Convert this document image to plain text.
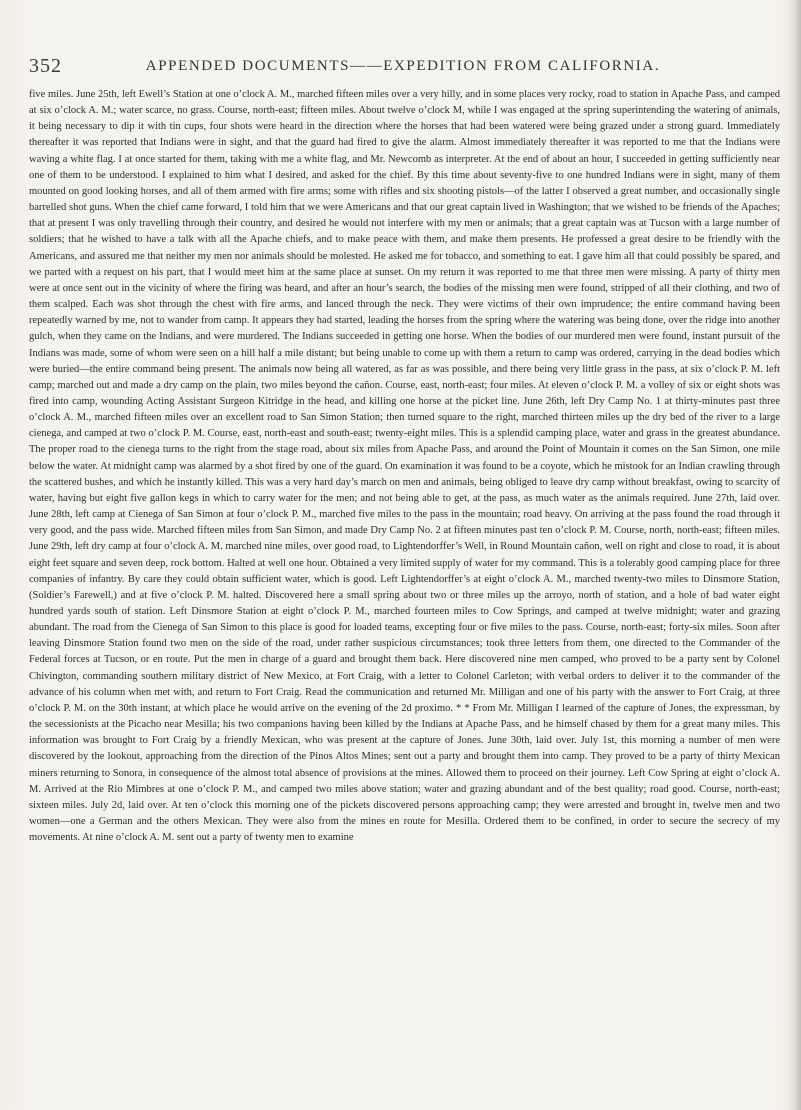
352	APPENDED DOCUMENTS——EXPEDITION FROM CALIFORNIA.

five miles. June 25th, left Ewell’s Station at one o’clock A. M., marched fifteen miles over a very hilly, and in some places very rocky, road to station in Apache Pass, and camped at six o’clock A. M.; water scarce, no grass. Course, north-east; fifteen miles. About twelve o’clock M, while I was engaged at the spring superintending the watering of animals, it being necessary to dip it with tin cups, four shots were heard in the direction where the horses that had been watered were being grazed under a strong guard. Immediately thereafter it was reported that Indians were in sight, and that the guard had fired to give the alarm. Almost immediately thereafter it was reported to me that the Indians were waving a white flag. I at once started for them, taking with me a white flag, and Mr. Newcomb as interpreter. At the end of about an hour, I succeeded in getting sufficiently near one of them to be understood. I explained to him what I desired, and asked for the chief. By this time about seventy-five to one hundred Indians were in sight, many of them mounted on good looking horses, and all of them armed with fire arms; some with rifles and six shooting pistols—of the latter I observed a great number, and occasionally single barrelled shot guns. When the chief came forward, I told him that we were Americans and that our great captain lived in Washington; that we wished to be friends of the Apaches; that at present I was only travelling through their country, and desired he would not interfere with my men or animals; that a great captain was at Tucson with a large number of soldiers; that he wished to have a talk with all the Apache chiefs, and to make peace with them, and make them presents. He professed a great desire to be friendly with the Americans, and assured me that neither my men nor animals should be molested. He asked me for tobacco, and something to eat. I gave him all that could possibly be spared, and we parted with a request on his part, that I would meet him at the same place at sunset. On my return it was reported to me that three men were missing. A party of thirty men were at once sent out in the vicinity of where the firing was heard, and after an hour’s search, the bodies of the missing men were found, stripped of all their clothing, and two of them scalped. Each was shot through the chest with fire arms, and lanced through the neck. They were victims of their own imprudence; the entire command having been repeatedly warned by me, not to wander from camp. It appears they had started, leading the horses from the spring where the watering was being done, over the ridge into another gulch, when they came on the Indians, and were murdered. The Indians succeeded in getting one horse. When the bodies of our murdered men were found, instant pursuit of the Indians was made, some of whom were seen on a hill half a mile distant; but being unable to come up with them a return to camp was ordered, carrying in the dead bodies which were buried—the entire command being present. The animals now being all watered, as far as was possible, and there being very little grass in the pass, at six o’clock P. M. left camp; marched out and made a dry camp on the plain, two miles beyond the cañon. Course, east, north-east; four miles. At eleven o’clock P. M. a volley of six or eight shots was fired into camp, wounding Acting Assistant Surgeon Kitridge in the head, and killing one horse at the picket line. June 26th, left Dry Camp No. 1 at thirty-minutes past three o’clock A. M., marched fifteen miles over an excellent road to San Simon Station; then turned square to the right, marched thirteen miles up the dry bed of the river to a large cienega, and camped at two o’clock P. M. Course, east, north-east and south-east; twenty-eight miles. This is a splendid camping place, water and grass in the greatest abundance. The proper road to the cienega turns to the right from the stage road, about six miles from Apache Pass, and around the Point of Mountain it comes on the San Simon, one mile below the water. At midnight camp was alarmed by a shot fired by one of the guard. On examination it was found to be a coyote, which he mistook for an Indian crawling through the scattered bushes, and which he instantly killed. This was a very hard day’s march on men and animals, being obliged to leave dry camp without breakfast, owing to scarcity of water, having but eight five gallon kegs in which to carry water for the men; and not being able to get, at the pass, as much water as the animals required. June 27th, laid over. June 28th, left camp at Cienega of San Simon at four o’clock P. M., marched five miles to the pass in the mountain; road heavy. On arriving at the pass found the road through it very good, and the pass wide. Marched fifteen miles from San Simon, and made Dry Camp No. 2 at fifteen minutes past ten o’clock P. M. Course, north, north-east; fifteen miles. June 29th, left dry camp at four o’clock A. M. marched nine miles, over good road, to Lightendorffer’s Well, in Round Mountain cañon, well on right and close to road, it is about eight feet square and seven deep, rock bottom. Halted at well one hour. Obtained a very limited supply of water for my command. This is a tolerably good camping place for three companies of infantry. By care they could obtain sufficient water, which is good. Left Lightendorffer’s at eight o’clock A. M., marched twenty-two miles to Dinsmore Station, (Soldier’s Farewell,) and at five o’clock P. M. halted. Discovered here a small spring about two or three miles up the arroyo, north of station, and a hole of bad water eight hundred yards south of station. Left Dinsmore Station at eight o’clock P. M., marched fourteen miles to Cow Springs, and camped at twelve midnight; water and grazing abundant. The road from the Cienega of San Simon to this place is good for loaded teams, excepting four or five miles to the pass. Course, north-east; forty-six miles. Soon after leaving Dinsmore Station found two men on the side of the road, under rather suspicious circumstances; took three letters from them, one directed to the Commander of the Federal forces at Tucson, or en route. Put the men in charge of a guard and brought them back. Here discovered nine men camped, who proved to be a party sent by Colonel Chivington, commanding southern military district of New Mexico, at Fort Craig, with a letter to Colonel Carleton; with verbal orders to deliver it to the commander of the advance of his column when met with, and return to Fort Craig. Read the communication and returned Mr. Milligan and one of his party with the answer to Fort Craig, at three o’clock P. M. on the 30th instant, at which place he would arrive on the evening of the 2d proximo. * * From Mr. Milligan I learned of the capture of Jones, the expressman, by the secessionists at the Picacho near Mesilla; his two companions having been killed by the Indians at Apache Pass, and he himself chased by them for a great many miles. This information was brought to Fort Craig by a friendly Mexican, who was present at the capture of Jones. June 30th, laid over. July 1st, this morning a number of men were discovered by the lookout, approaching from the direction of the Pinos Altos Mines; sent out a party and brought them into camp. They proved to be a party of thirty Mexican miners returning to Sonora, in consequence of the almost total absence of provisions at the mines. Allowed them to proceed on their journey. Left Cow Spring at eight o’clock A. M. Arrived at the Rio Mimbres at one o’clock P. M., and camped two miles above station; water and grazing abundant and of the best quality; road good. Course, north-east; sixteen miles. July 2d, laid over. At ten o’clock this morning one of the pickets discovered persons approaching camp; they were arrested and brought in, twelve men and two women—one a German and the others Mexican. They were also from the mines en route for Mesilla. Ordered them to be confined, in order to secure the secrecy of my movements. At nine o’clock A. M. sent out a party of twenty men to examine
